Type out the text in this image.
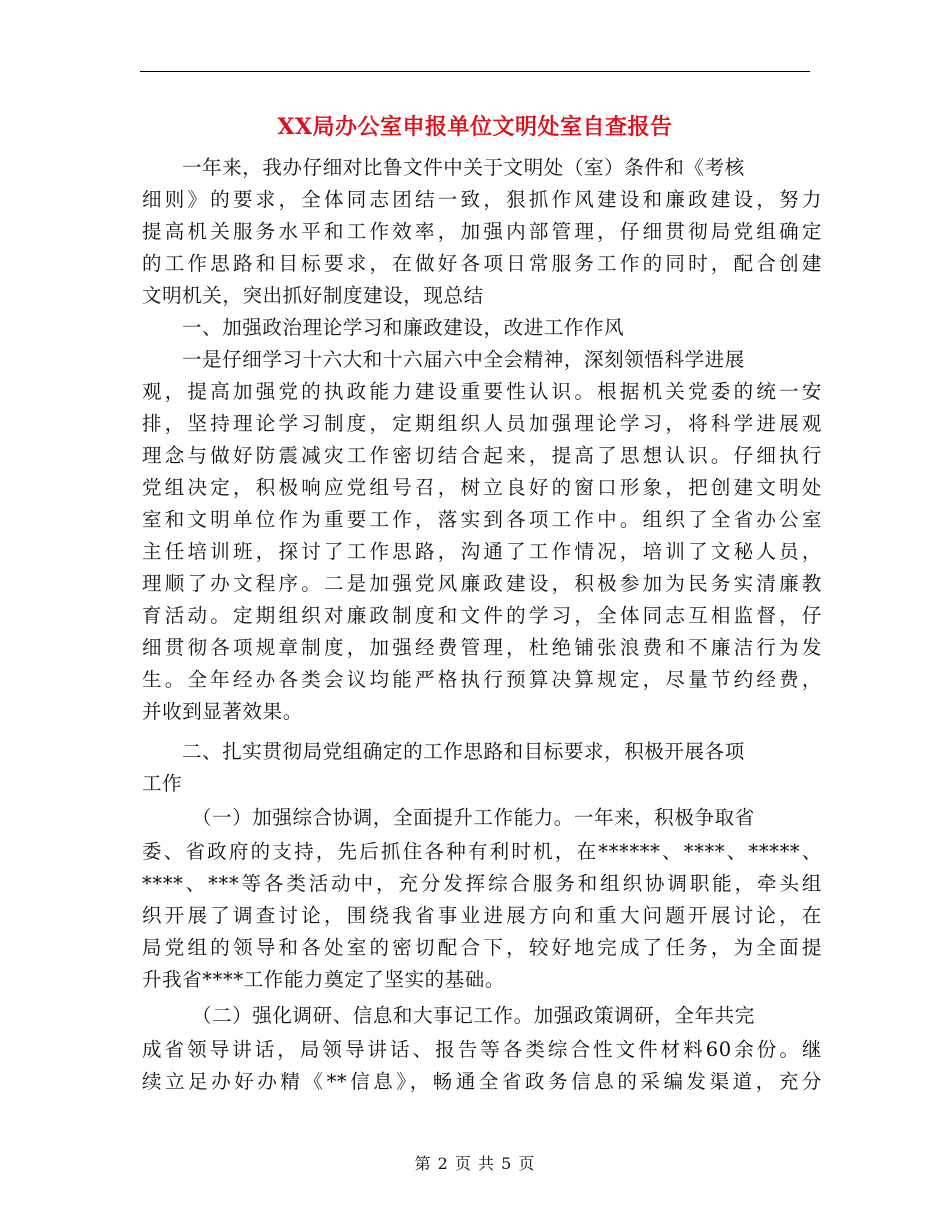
XX局办公室申报单位文明处室自查报告
一年来，我办仔细对比鲁文件中关于文明处（室）条件和《考核
细则》的要求，全体同志团结一致，狠抓作风建设和廉政建设，努力
提高机关服务水平和工作效率，加强内部管理，仔细贯彻局党组确定
的工作思路和目标要求，在做好各项日常服务工作的同时，配合创建
文明机关，突出抓好制度建设，现总结
一、加强政治理论学习和廉政建设，改进工作作风
一是仔细学习十六大和十六届六中全会精神，深刻领悟科学进展
观，提高加强党的执政能力建设重要性认识。根据机关党委的统一安
排，坚持理论学习制度，定期组织人员加强理论学习，将科学进展观
理念与做好防震减灾工作密切结合起来，提高了思想认识。仔细执行
党组决定，积极响应党组号召，树立良好的窗口形象，把创建文明处
室和文明单位作为重要工作，落实到各项工作中。组织了全省办公室
主任培训班，探讨了工作思路，沟通了工作情况，培训了文秘人员，
理顺了办文程序。二是加强党风廉政建设，积极参加为民务实清廉教
育活动。定期组织对廉政制度和文件的学习，全体同志互相监督，仔
细贯彻各项规章制度，加强经费管理，杜绝铺张浪费和不廉洁行为发
生。全年经办各类会议均能严格执行预算决算规定，尽量节约经费，
并收到显著效果。
二、扎实贯彻局党组确定的工作思路和目标要求，积极开展各项
工作
（一）加强综合协调，全面提升工作能力。一年来，积极争取省
委、省政府的支持，先后抓住各种有利时机，在******、****、*****、
****、***等各类活动中，充分发挥综合服务和组织协调职能，牵头组
织开展了调查讨论，围绕我省事业进展方向和重大问题开展讨论，在
局党组的领导和各处室的密切配合下，较好地完成了任务，为全面提
升我省****工作能力奠定了坚实的基础。
（二）强化调研、信息和大事记工作。加强政策调研，全年共完
成省领导讲话，局领导讲话、报告等各类综合性文件材料60余份。继
续立足办好办精《**信息》，畅通全省政务信息的采编发渠道，充分
第 2 页 共 5 页
